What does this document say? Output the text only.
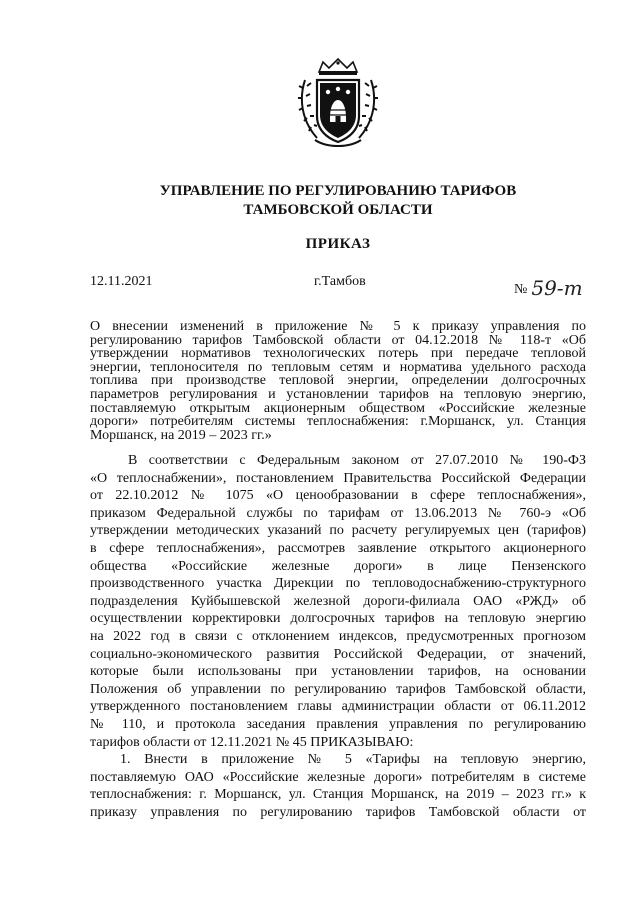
УПРАВЛЕНИЕ ПО РЕГУЛИРОВАНИЮ ТАРИФОВ
ТАМБОВСКОЙ ОБЛАСТИ
ПРИКАЗ
12.11.2021	г.Тамбов
№ 59-т
О внесении изменений в приложение № 5 к приказу управления по
регулированию тарифов Тамбовской области от 04.12.2018 № 118-т «Об
утверждении нормативов технологических потерь при передаче тепловой
энергии, теплоносителя по тепловым сетям и норматива удельного расхода
топлива при производстве тепловой энергии, определении долгосрочных
параметров регулирования и установлении тарифов на тепловую энергию,
поставляемую открытым акционерным обществом «Российские железные
дороги» потребителям системы теплоснабжения: г.Моршанск, ул. Станция
Моршанск, на 2019 – 2023 гг.»
В соответствии с Федеральным законом от 27.07.2010 № 190-ФЗ
«О теплоснабжении», постановлением Правительства Российской Федерации
от 22.10.2012 № 1075 «О ценообразовании в сфере теплоснабжения»,
приказом Федеральной службы по тарифам от 13.06.2013 № 760-э «Об
утверждении методических указаний по расчету регулируемых цен (тарифов)
в сфере теплоснабжения», рассмотрев заявление открытого акционерного
общества «Российские железные дороги» в лице Пензенского
производственного участка Дирекции по тепловодоснабжению-структурного
подразделения Куйбышевской железной дороги-филиала ОАО «РЖД» об
осуществлении корректировки долгосрочных тарифов на тепловую энергию
на 2022 год в связи с отклонением индексов, предусмотренных прогнозом
социально-экономического развития Российской Федерации, от значений,
которые были использованы при установлении тарифов, на основании
Положения об управлении по регулированию тарифов Тамбовской области,
утвержденного постановлением главы администрации области от 06.11.2012
№ 110, и протокола заседания правления управления по регулированию
тарифов области от 12.11.2021 № 45 ПРИКАЗЫВАЮ:
1. Внести в приложение № 5 «Тарифы на тепловую энергию,
поставляемую ОАО «Российские железные дороги» потребителям в системе
теплоснабжения: г. Моршанск, ул. Станция Моршанск, на 2019 – 2023 гг.» к
приказу управления по регулированию тарифов Тамбовской области от
